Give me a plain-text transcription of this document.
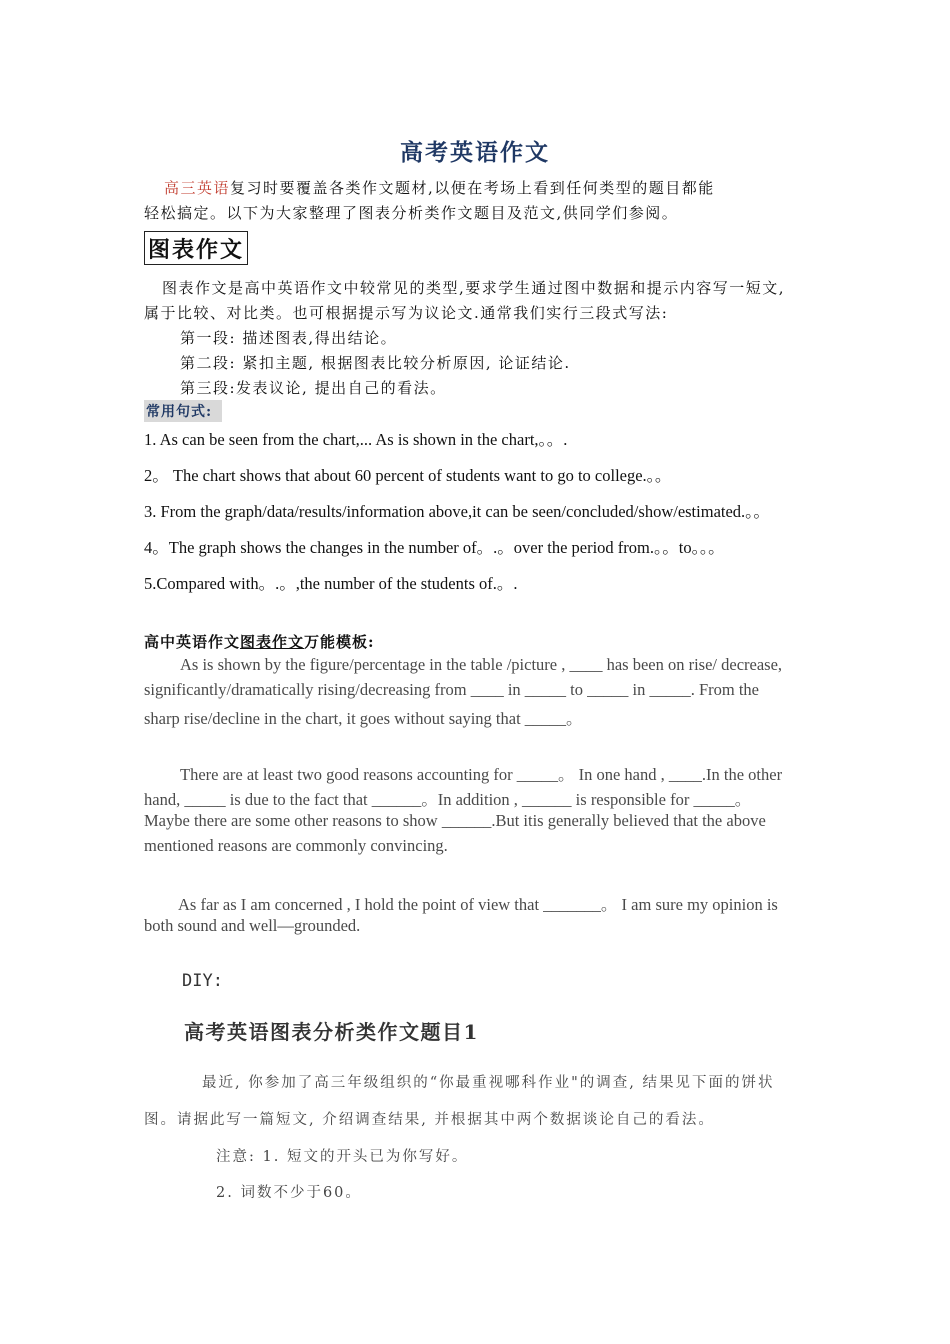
高考英语作文
高三英语复习时要覆盖各类作文题材,以便在考场上看到任何类型的题目都能
轻松搞定。以下为大家整理了图表分析类作文题目及范文,供同学们参阅。
图表作文
图表作文是高中英语作文中较常见的类型,要求学生通过图中数据和提示内容写一短文,
属于比较、对比类。也可根据提示写为议论文.通常我们实行三段式写法:
第一段: 描述图表,得出结论。
第二段: 紧扣主题, 根据图表比较分析原因, 论证结论.
第三段:发表议论, 提出自己的看法。
常用句式:
1. As can be seen from the chart,... As is shown in the chart,。。.
2。 The chart shows that about 60 percent of students want to go to college.。。
3. From the graph/data/results/information above,it can be seen/concluded/show/estimated.。。
4。The graph shows the changes in the number of。.。over the period from.。。to。。。
5.Compared with。.。,the number of the students of.。.
高中英语作文图表作文万能模板:
As is shown by the figure/percentage in the table /picture , ____ has been on rise/ decrease,
significantly/dramatically rising/decreasing from ____ in _____ to _____ in _____. From the
sharp rise/decline in the chart, it goes without saying that _____。
There are at least two good reasons accounting for _____。 In one hand , ____.In the other
hand, _____ is due to the fact that ______。In addition , ______ is responsible for _____。
Maybe there are some other reasons to show ______.But itis generally believed that the above
mentioned reasons are commonly convincing.
As far as I am concerned , I hold the point of view that _______。 I am sure my opinion is
both sound and well—grounded.
DIY:
高考英语图表分析类作文题目1
最近, 你参加了高三年级组织的“你最重视哪科作业"的调查, 结果见下面的饼状
图。请据此写一篇短文, 介绍调查结果, 并根据其中两个数据谈论自己的看法。
注意: 1. 短文的开头已为你写好。
2. 词数不少于60。
